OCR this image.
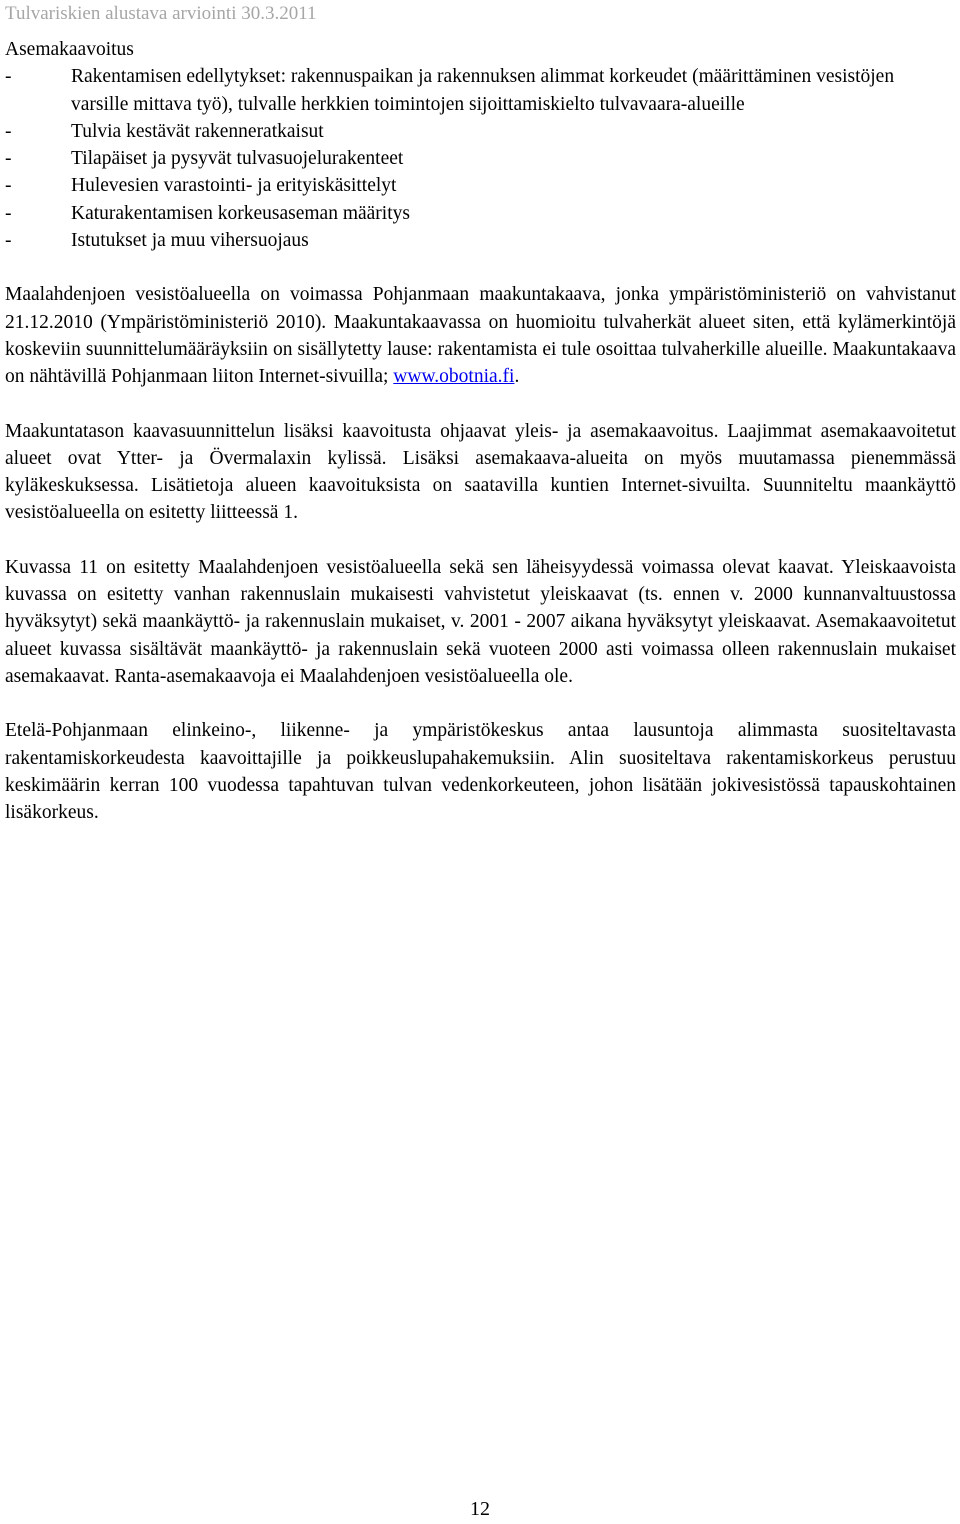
Tulvariskien alustava arviointi 30.3.2011
Asemakaavoitus
-	Rakentamisen edellytykset: rakennuspaikan ja rakennuksen alimmat korkeudet (määrittäminen vesistöjen varsille mittava työ), tulvalle herkkien toimintojen sijoittamiskielto tulvavaara-alueille
-	Tulvia kestävät rakenneratkaisut
-	Tilapäiset ja pysyvät tulvasuojelurakenteet
-	Hulevesien varastointi- ja erityiskäsittelyt
-	Katurakentamisen korkeusaseman määritys
-	Istutukset ja muu vihersuojaus

Maalahdenjoen vesistöalueella on voimassa Pohjanmaan maakuntakaava, jonka ympäristöministeriö on vahvistanut 21.12.2010 (Ympäristöministeriö 2010). Maakuntakaavassa on huomioitu tulvaherkät alueet siten, että kylämerkintöjä koskeviin suunnittelumääräyksiin on sisällytetty lause: rakentamista ei tule osoittaa tulvaherkille alueille. Maakuntakaava on nähtävillä Pohjanmaan liiton Internet-sivuilla; www.obotnia.fi.

Maakuntatason kaavasuunnittelun lisäksi kaavoitusta ohjaavat yleis- ja asemakaavoitus. Laajimmat asemakaavoitetut alueet ovat Ytter- ja Övermalaxin kylissä. Lisäksi asemakaava-alueita on myös muutamassa pienemmässä kyläkeskuksessa. Lisätietoja alueen kaavoituksista on saatavilla kuntien Internet-sivuilta. Suunniteltu maankäyttö vesistöalueella on esitetty liitteessä 1.

Kuvassa 11 on esitetty Maalahdenjoen vesistöalueella sekä sen läheisyydessä voimassa olevat kaavat. Yleiskaavoista kuvassa on esitetty vanhan rakennuslain mukaisesti vahvistetut yleiskaavat (ts. ennen v. 2000 kunnanvaltuustossa hyväksytyt) sekä maankäyttö- ja rakennuslain mukaiset, v. 2001 - 2007 aikana hyväksytyt yleiskaavat. Asemakaavoitetut alueet kuvassa sisältävät maankäyttö- ja rakennuslain sekä vuoteen 2000 asti voimassa olleen rakennuslain mukaiset asemakaavat. Ranta-asemakaavoja ei Maalahdenjoen vesistöalueella ole.

Etelä-Pohjanmaan elinkeino-, liikenne- ja ympäristökeskus antaa lausuntoja alimmasta suositeltavasta rakentamiskorkeudesta kaavoittajille ja poikkeuslupahakemuksiin. Alin suositeltava rakentamiskorkeus perustuu keskimäärin kerran 100 vuodessa tapahtuvan tulvan vedenkorkeuteen, johon lisätään jokivesistössä tapauskohtainen lisäkorkeus.

12
